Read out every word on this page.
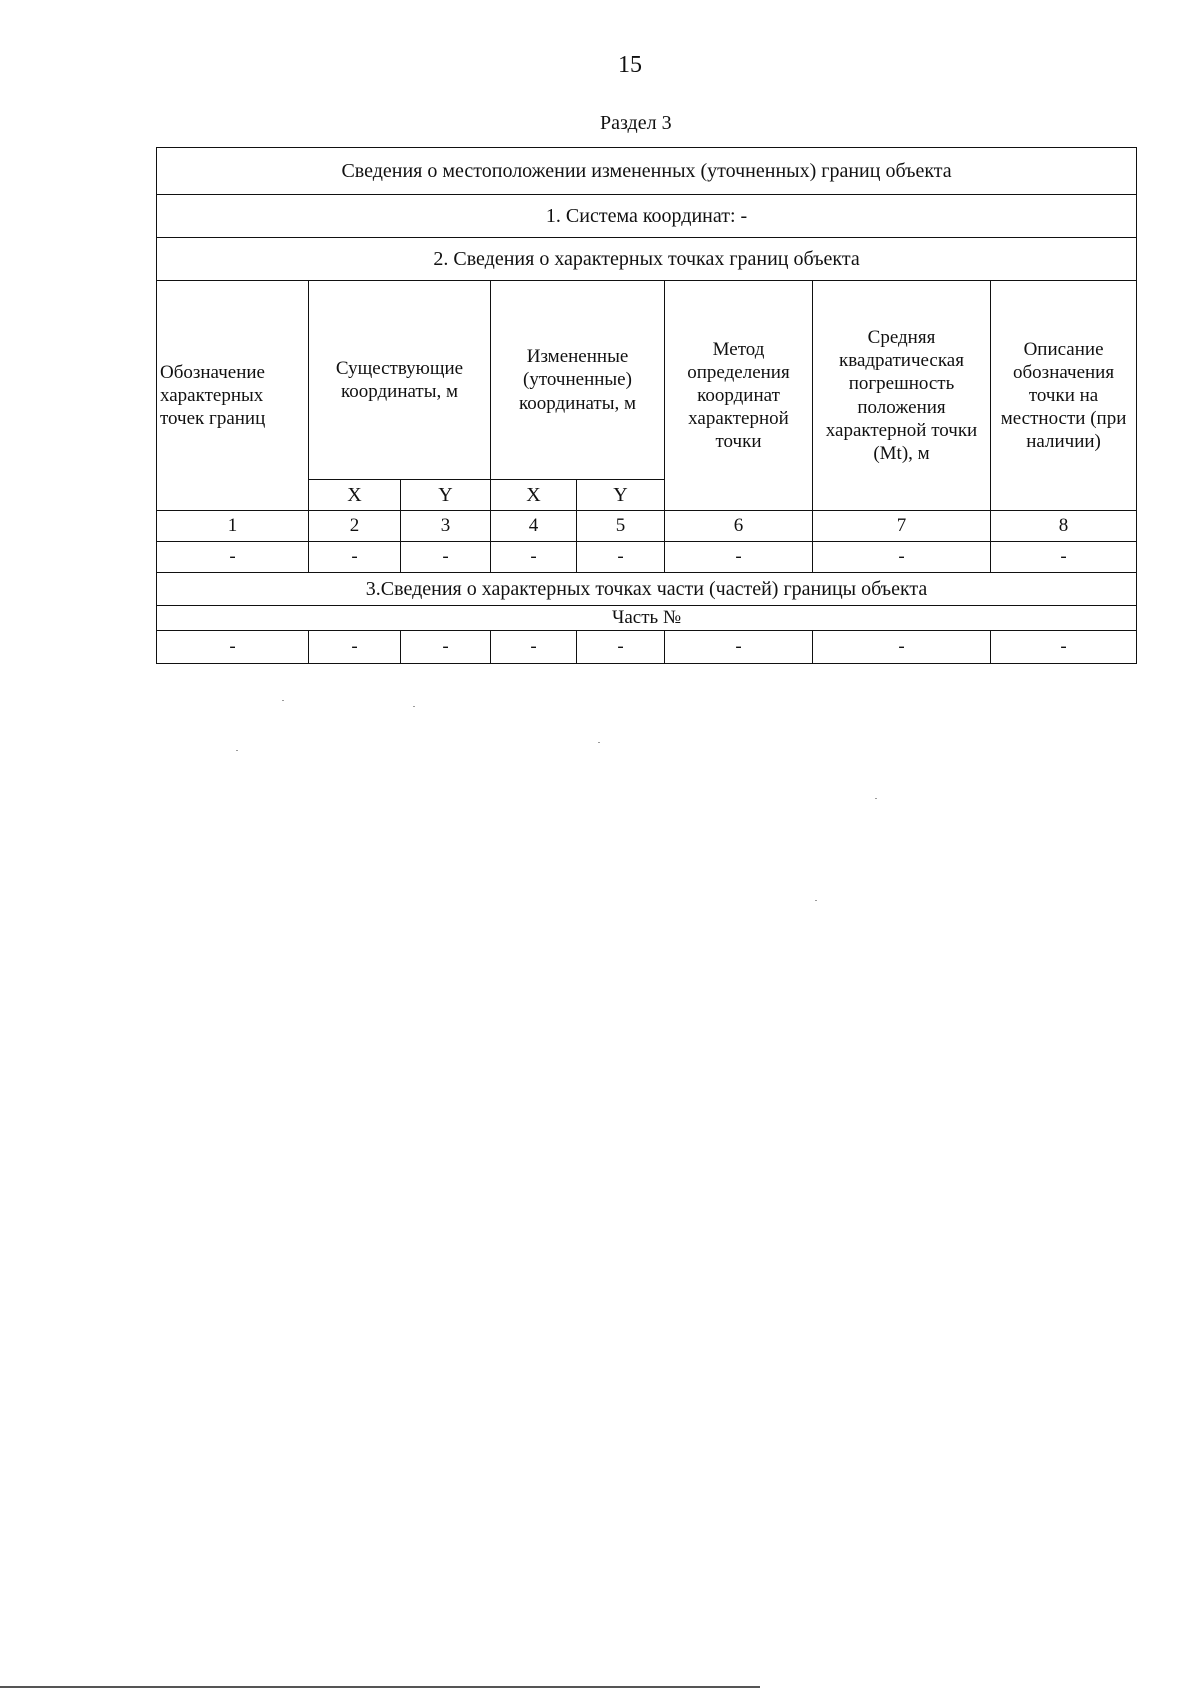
15
Раздел 3
Сведения о местоположении измененных (уточненных) границ объекта							
1. Система координат: -							
2. Сведения о характерных точках границ объекта							

Обозначение характерных точек границ	Существующие координаты, м		Измененные (уточненные) координаты, м		Метод определения координат характерной точки	Средняя квадратическая погрешность положения характерной точки (Mt), м	Описание обозначения точки на местности (при наличии)

	X	Y	X	Y			
1	2	3	4	5	6	7	8
-	-	-	-	-	-	-	-
3.Сведения о характерных точках части (частей) границы объекта							
Часть №							
-	-	-	-	-	-	-	-
